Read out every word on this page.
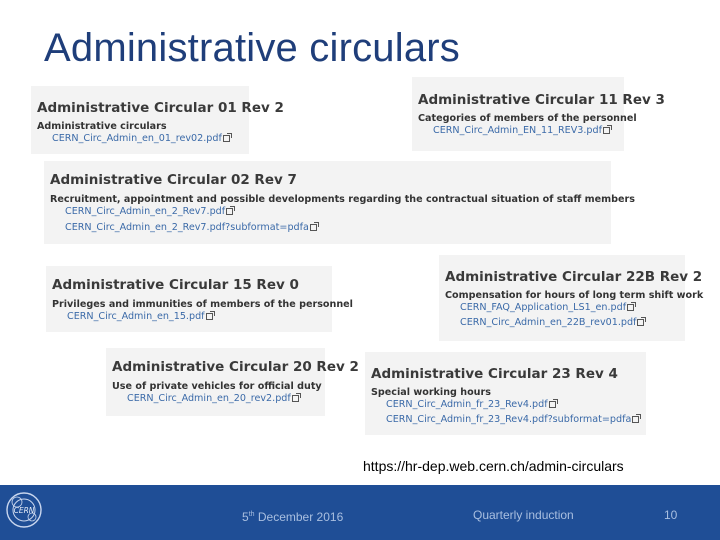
Administrative circulars
Administrative Circular 01 Rev 2
Administrative circulars
CERN_Circ_Admin_en_01_rev02.pdf
Administrative Circular 11 Rev 3
Categories of members of the personnel
CERN_Circ_Admin_EN_11_REV3.pdf
Administrative Circular 02 Rev 7
Recruitment, appointment and possible developments regarding the contractual situation of staff members
CERN_Circ_Admin_en_2_Rev7.pdf
CERN_Circ_Admin_en_2_Rev7.pdf?subformat=pdfa
Administrative Circular 15 Rev 0
Privileges and immunities of members of the personnel
CERN_Circ_Admin_en_15.pdf
Administrative Circular 22B Rev 2
Compensation for hours of long term shift work
CERN_FAQ_Application_LS1_en.pdf
CERN_Circ_Admin_en_22B_rev01.pdf
Administrative Circular 20 Rev 2
Use of private vehicles for official duty
CERN_Circ_Admin_en_20_rev2.pdf
Administrative Circular 23 Rev 4
Special working hours
CERN_Circ_Admin_fr_23_Rev4.pdf
CERN_Circ_Admin_fr_23_Rev4.pdf?subformat=pdfa
https://hr-dep.web.cern.ch/admin-circulars
CERN	5th December 2016	Quarterly induction	10
